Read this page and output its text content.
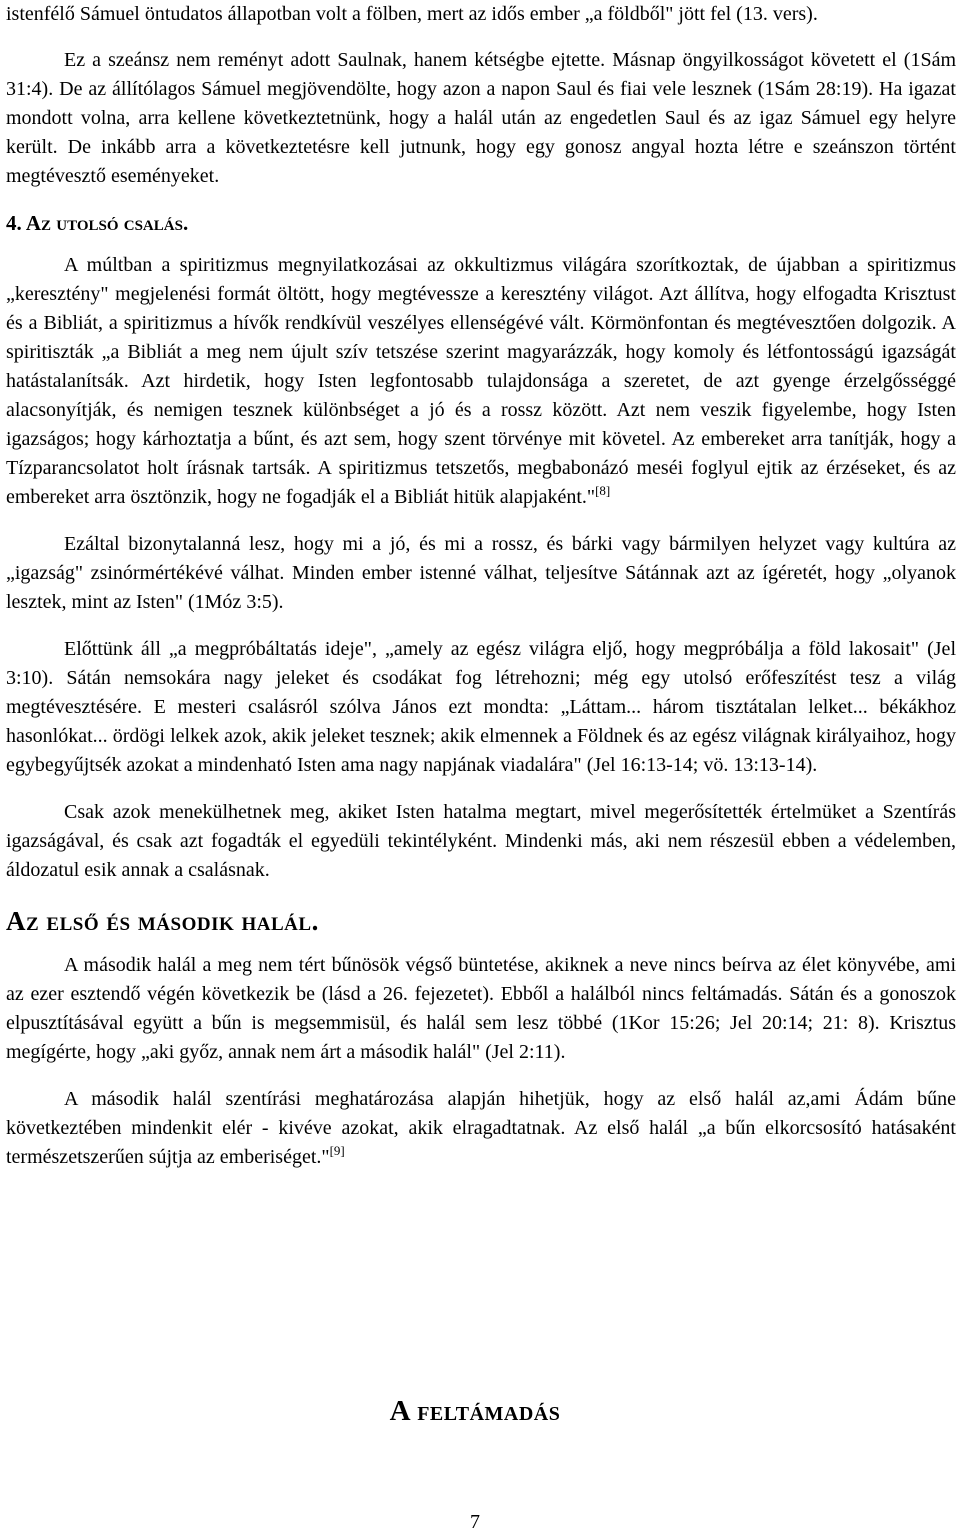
istenfélő Sámuel öntudatos állapotban volt a fölben, mert az idős ember „a földből" jött fel (13. vers).

Ez a szeánsz nem reményt adott Saulnak, hanem kétségbe ejtette. Másnap öngyilkosságot követett el (1Sám 31:4). De az állítólagos Sámuel megjövendölte, hogy azon a napon Saul és fiai vele lesznek (1Sám 28:19). Ha igazat mondott volna, arra kellene következtetnünk, hogy a halál után az engedetlen Saul és az igaz Sámuel egy helyre került. De inkább arra a következtetésre kell jutnunk, hogy egy gonosz angyal hozta létre e szeánszon történt megtévesztő eseményeket.

4. Az utolsó csalás.

A múltban a spiritizmus megnyilatkozásai az okkultizmus világára szorítkoztak, de újabban a spiritizmus „keresztény" megjelenési formát öltött, hogy megtévessze a keresztény világot. Azt állítva, hogy elfogadta Krisztust és a Bibliát, a spiritizmus a hívők rendkívül veszélyes ellenségévé vált. Körmönfontan és megtévesztően dolgozik. A spiritiszták „a Bibliát a meg nem újult szív tetszése szerint magyarázzák, hogy komoly és létfontosságú igazságát hatástalanítsák. Azt hirdetik, hogy Isten legfontosabb tulajdonsága a szeretet, de azt gyenge érzelgősséggé alacsonyítják, és nemigen tesznek különbséget a jó és a rossz között. Azt nem veszik figyelembe, hogy Isten igazságos; hogy kárhoztatja a bűnt, és azt sem, hogy szent törvénye mit követel. Az embereket arra tanítják, hogy a Tízparancsolatot holt írásnak tartsák. A spiritizmus tetszetős, megbabonázó meséi foglyul ejtik az érzéseket, és az embereket arra ösztönzik, hogy ne fogadják el a Bibliát hitük alapjaként."[8]

Ezáltal bizonytalanná lesz, hogy mi a jó, és mi a rossz, és bárki vagy bármilyen helyzet vagy kultúra az „igazság" zsinórmértékévé válhat. Minden ember istenné válhat, teljesítve Sátánnak azt az ígéretét, hogy „olyanok lesztek, mint az Isten" (1Móz 3:5).

Előttünk áll „a megpróbáltatás ideje", „amely az egész világra eljő, hogy megpróbálja a föld lakosait" (Jel 3:10). Sátán nemsokára nagy jeleket és csodákat fog létrehozni; még egy utolsó erőfeszítést tesz a világ megtévesztésére. E mesteri csalásról szólva János ezt mondta: „Láttam... három tisztátalan lelket... békákhoz hasonlókat... ördögi lelkek azok, akik jeleket tesznek; akik elmennek a Földnek és az egész világnak királyaihoz, hogy egybegyűjtsék azokat a mindenható Isten ama nagy napjának viadalára" (Jel 16:13-14; vö. 13:13-14).

Csak azok menekülhetnek meg, akiket Isten hatalma megtart, mivel megerősítették értelmüket a Szentírás igazságával, és csak azt fogadták el egyedüli tekintélyként. Mindenki más, aki nem részesül ebben a védelemben, áldozatul esik annak a csalásnak.

Az első és második halál.

A második halál a meg nem tért bűnösök végső büntetése, akiknek a neve nincs beírva az élet könyvébe, ami az ezer esztendő végén következik be (lásd a 26. fejezetet). Ebből a halálból nincs feltámadás. Sátán és a gonoszok elpusztításával együtt a bűn is megsemmisül, és halál sem lesz többé (1Kor 15:26; Jel 20:14; 21: 8). Krisztus megígérte, hogy „aki győz, annak nem árt a második halál" (Jel 2:11).

A második halál szentírási meghatározása alapján hihetjük, hogy az első halál az,ami Ádám bűne következtében mindenkit elér - kivéve azokat, akik elragadtatnak. Az első halál „a bűn elkorcsosító hatásaként természetszerűen sújtja az emberiséget."[9]

A feltámadás
7
